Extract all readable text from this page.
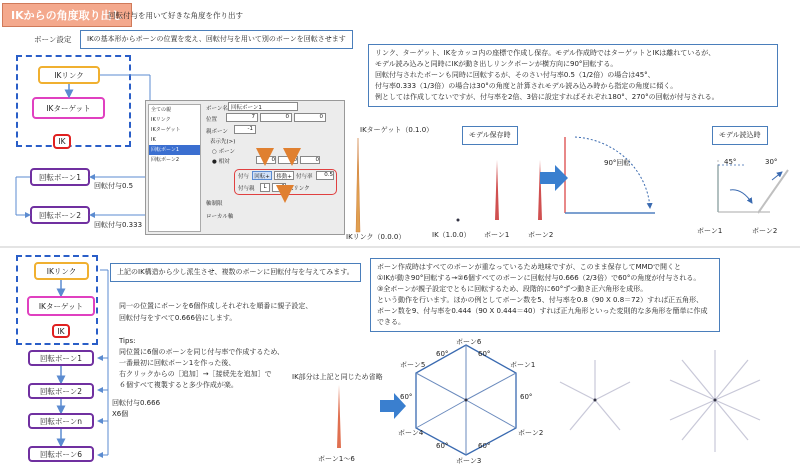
IKからの角度取り出し
回転付与を用いて好きな角度を作り出す
ボーン設定	IKの基本形からボーンの位置を変え、回転付与を用いて別のボーンを回転させます
IKリンク
IKターゲット
IK
回転ボーン1
回転ボーン2
回転付与0.5
回転付与0.333
全ての親
IKリンク
IKターゲット
IK
回転ボーン1
回転ボーン2
ボーン名 回転ボーン1
位置	7	0	0
親ボーン	-1
表示先(>)
○ ボーン
● 相対	0	0	0
付与 回転+	移動+ 付与率	0.5
付与親	L	1 IKリンク
軸制限
ローカル軸
リンク、ターゲット、IKをカッコ内の座標で作成し保存。モデル作成時ではターゲットとIKは離れているが、
モデル読み込みと同時にIKが動き出しリンクボーンが横方向に90°回転する。
回転付与されたボーンも同時に回転するが、そのさい付与率0.5（1/2倍）の場合は45°、
付与率0.333（1/3倍）の場合は30°の角度と計算されモデル読み込み時から指定の角度に傾く。
例としては作成してないですが、付与率を2倍、3倍に設定すればそれぞれ180°、270°の回転が付与される。
IKターゲット（0.1.0）
IKリンク（0.0.0）	IK（1.0.0） ボーン1	ボーン2
モデル保存時	モデル読込時
90°回転	45°	30°
ボーン1	ボーン2
IKリンク
IKターゲット
IK
回転ボーン1
回転ボーン2
回転ボーンn
回転ボーン6
回転付与0.666
X6個
上記のIK構造から少し派生させ、複数のボーンに回転付与を与えてみます。
同一の位置にボーンを6個作成しそれぞれを順番に親子設定、
回転付与をすべて0.666倍にします。
Tips:
同位置に6個のボーンを同じ付与率で作成するため、
一番最初に回転ボーン1を作った後、
右クリックからの［追加］→［接続先を追加］で
６個すべて複製すると多少作成が楽。
ボーン作成時はすべてのボーンが重なっているため地味ですが、このまま保存してMMDで開くと
①IKが動き90°回転する→②6個すべてのボーンに回転付与0.666（2/3倍）で60°の角度が付与される。
③全ボーンが親子設定でともに回転するため、段階的に60°ずつ動き正六角形を成形。
という動作を行います。ほかの例としてボーン数を5、付与率を0.8（90 X 0.8＝72）すれば正五角形、
ボーン数を9、付与率を0.444（90 X 0.444＝40）すれば正九角形といった変則的な多角形を簡単に作成できる。
IK部分は上記と同じため省略
ボーン1〜6
ボーン6
ボーン1
ボーン2
ボーン3
ボーン4
ボーン5
60°	60°
60°
60°
60°
60°
